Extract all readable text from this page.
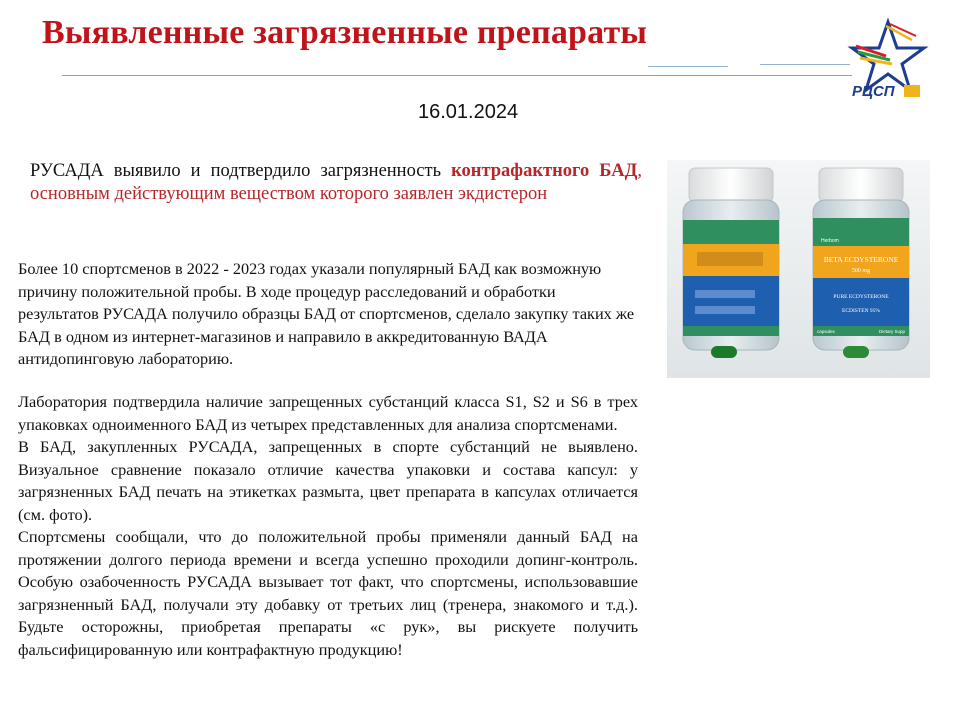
Выявленные загрязненные препараты
РЦСП
16.01.2024
РУСАДА выявило и подтвердило загрязненность контрафактного БАД, основным действующим веществом которого заявлен экдистерон

Более 10 спортсменов в 2022 - 2023 годах указали популярный БАД как возможную причину положительной пробы. В ходе процедур расследований и обработки результатов РУСАДА получило образцы БАД от спортсменов, сделало закупку таких же БАД в одном из интернет-магазинов и направило в аккредитованную ВАДА антидопинговую лабораторию.

Лаборатория подтвердила наличие запрещенных субстанций класса S1, S2 и S6 в трех упаковках одноименного БАД из четырех представленных для анализа спортсменами.
В БАД, закупленных РУСАДА, запрещенных в спорте субстанций не выявлено. Визуальное сравнение показало отличие качества упаковки и состава капсул: у загрязненных БАД печать на этикетках размыта, цвет препарата в капсулах отличается (см. фото).
Спортсмены сообщали, что до положительной пробы применяли данный БАД на протяжении долгого периода времени и всегда успешно проходили допинг-контроль. Особую озабоченность РУСАДА вызывает тот факт, что спортсмены, использовавшие загрязненный БАД, получали эту добавку от третьих лиц (тренера, знакомого и т.д.). Будьте осторожны, приобретая препараты «с рук», вы рискуете получить фальсифицированную или контрафактную продукцию!
Herbom
BETA ECDYSTERONE
500 mg
PURE ECDYSTERONE
ECDISTEN 95%
capsules	Dietary Supp
